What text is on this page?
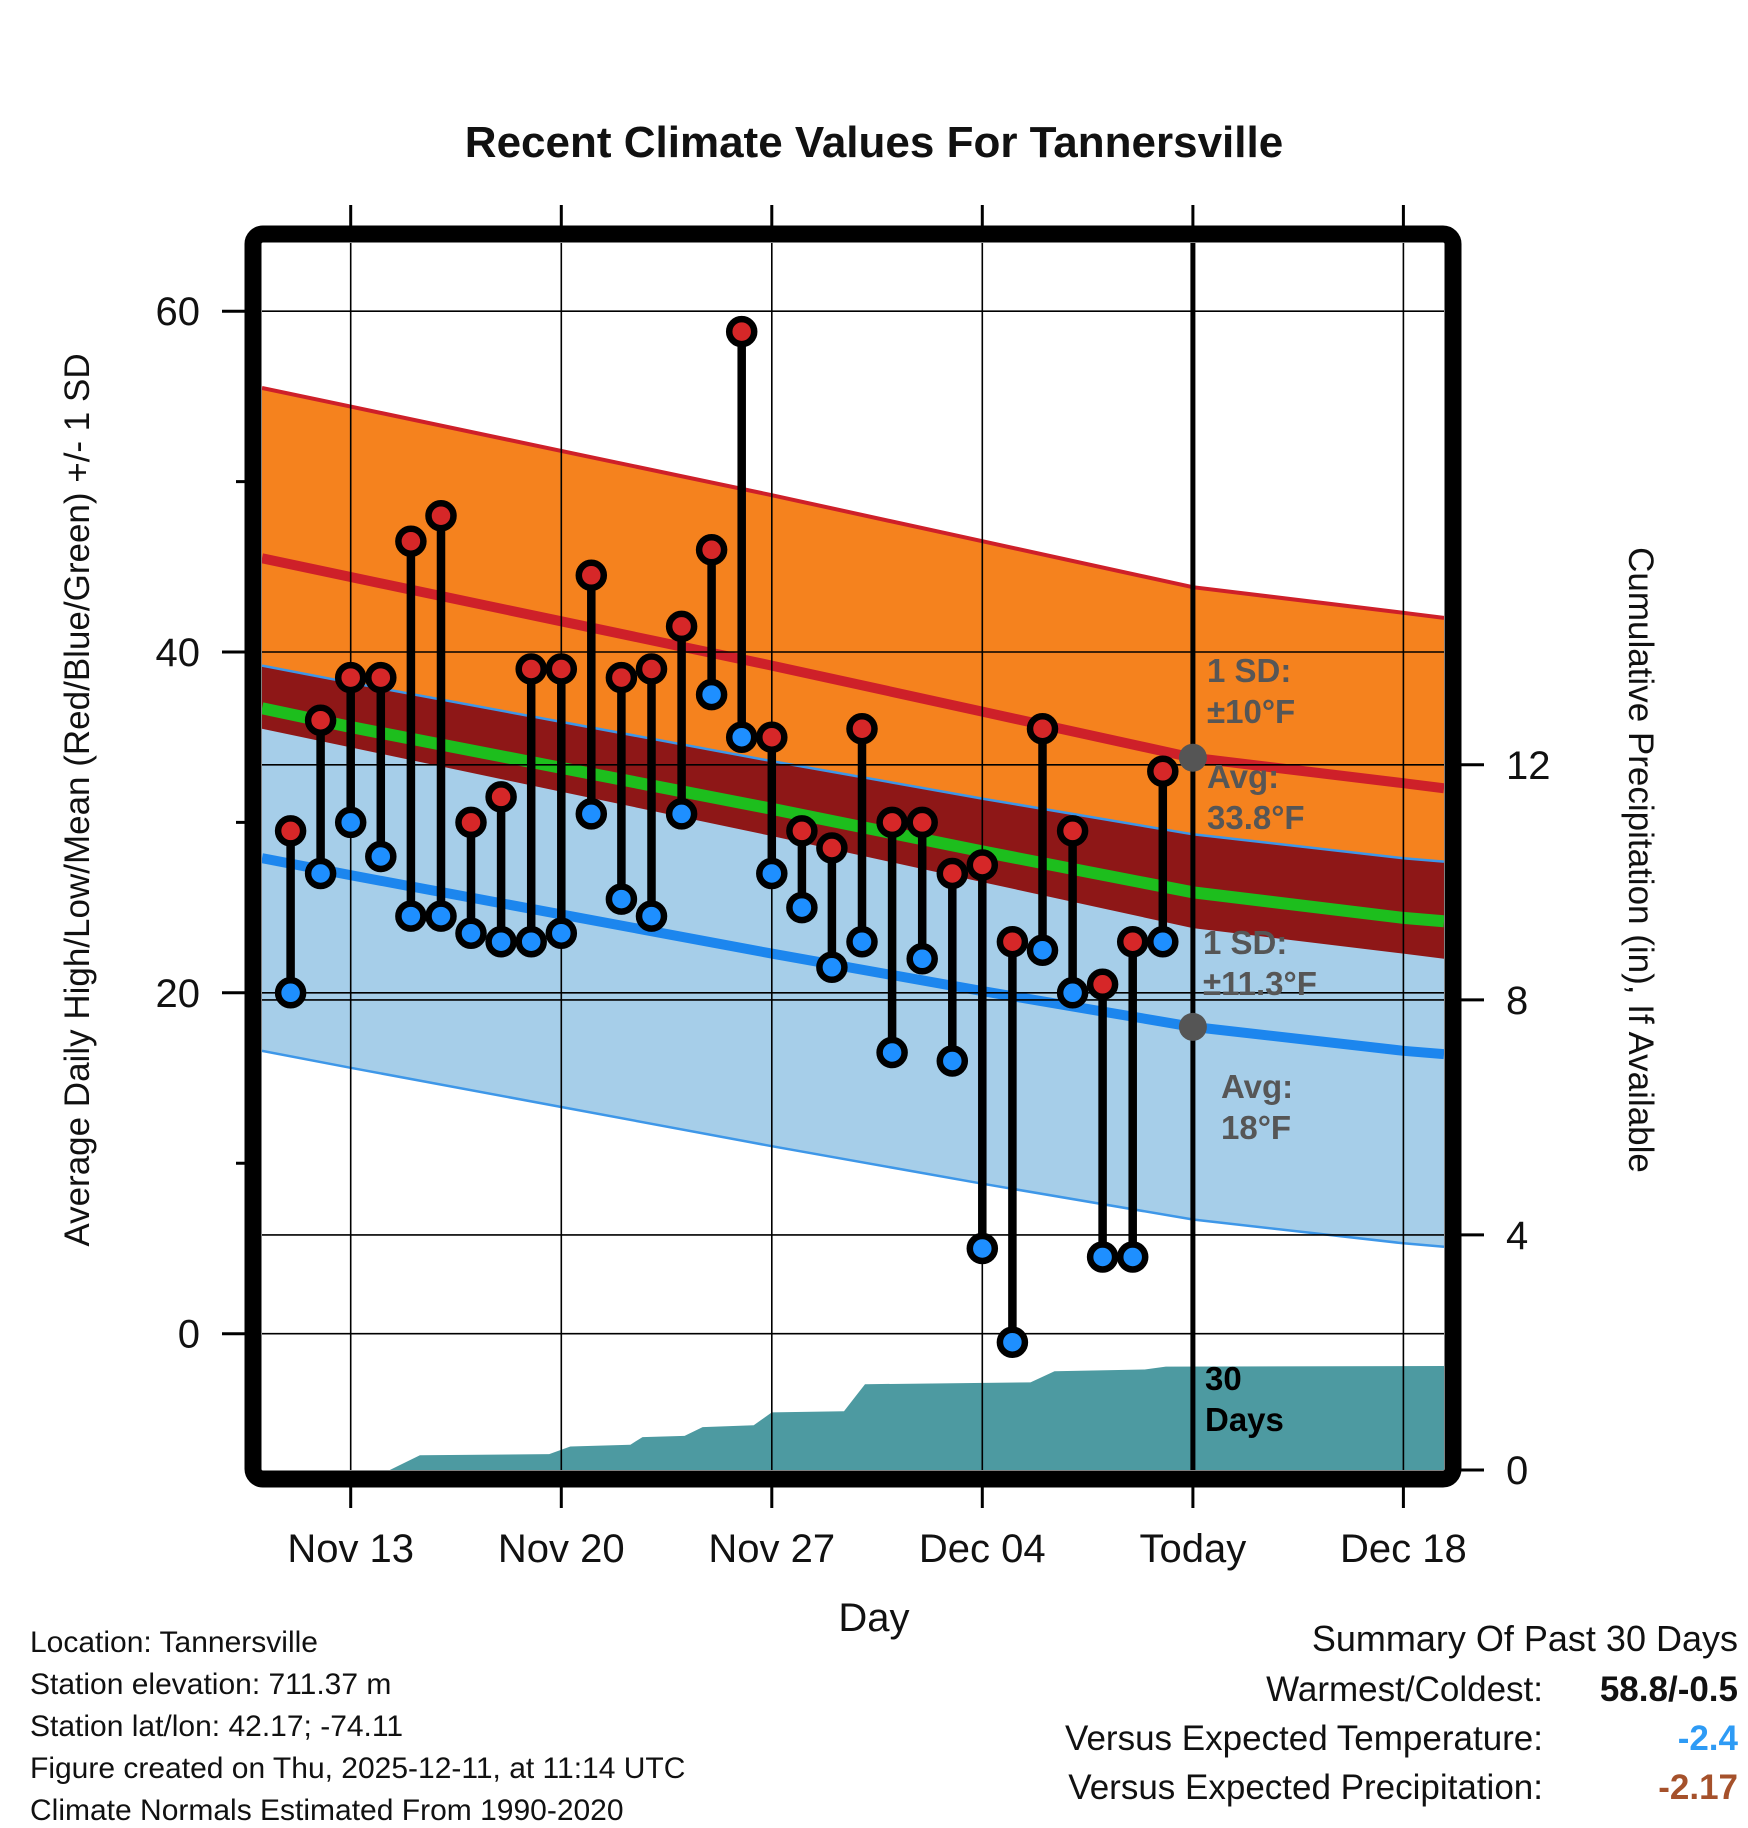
Nov 13 Nov 20 Nov 27 Dec 04 Today Dec 18
0
20
40
60
0
4
8
12
Recent Climate Values For Tannersville
Average Daily High/Low/Mean (Red/Blue/Green) +/- 1 SD	Cumulative Precipitation (in), If Available
Day
1 SD:
±10°F
Avg:
33.8°F
1 SD:
±11.3°F
Avg:
18°F
30
Days
Location: Tannersville
Station elevation: 711.37 m
Station lat/lon: 42.17; -74.11
Figure created on Thu, 2025-12-11, at 11:14 UTC
Climate Normals Estimated From 1990-2020
Summary Of Past 30 Days
Warmest/Coldest:	58.8/-0.5
Versus Expected Temperature:	-2.4
Versus Expected Precipitation:	-2.17
